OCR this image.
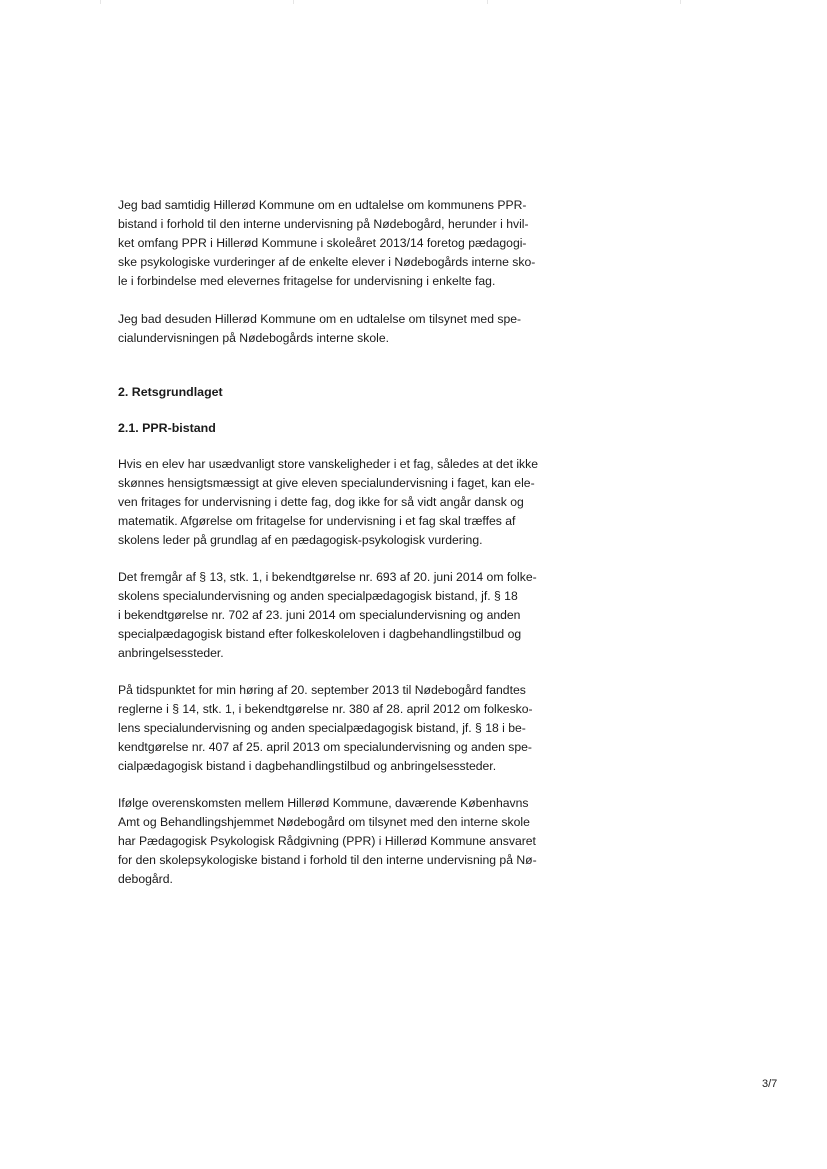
Jeg bad samtidig Hillerød Kommune om en udtalelse om kommunens PPR-
bistand i forhold til den interne undervisning på Nødebogård, herunder i hvil-
ket omfang PPR i Hillerød Kommune i skoleåret 2013/14 foretog pædagogi-
ske psykologiske vurderinger af de enkelte elever i Nødebogårds interne sko-
le i forbindelse med elevernes fritagelse for undervisning i enkelte fag.

Jeg bad desuden Hillerød Kommune om en udtalelse om tilsynet med spe-
cialundervisningen på Nødebogårds interne skole.

2. Retsgrundlaget
2.1. PPR-bistand

Hvis en elev har usædvanligt store vanskeligheder i et fag, således at det ikke
skønnes hensigtsmæssigt at give eleven specialundervisning i faget, kan ele-
ven fritages for undervisning i dette fag, dog ikke for så vidt angår dansk og
matematik. Afgørelse om fritagelse for undervisning i et fag skal træffes af
skolens leder på grundlag af en pædagogisk-psykologisk vurdering.

Det fremgår af § 13, stk. 1, i bekendtgørelse nr. 693 af 20. juni 2014 om folke-
skolens specialundervisning og anden specialpædagogisk bistand, jf. § 18
i bekendtgørelse nr. 702 af 23. juni 2014 om specialundervisning og anden
specialpædagogisk bistand efter folkeskoleloven i dagbehandlingstilbud og
anbringelsessteder.

På tidspunktet for min høring af 20. september 2013 til Nødebogård fandtes
reglerne i § 14, stk. 1, i bekendtgørelse nr. 380 af 28. april 2012 om folkesko-
lens specialundervisning og anden specialpædagogisk bistand, jf. § 18 i be-
kendtgørelse nr. 407 af 25. april 2013 om specialundervisning og anden spe-
cialpædagogisk bistand i dagbehandlingstilbud og anbringelsessteder.

Ifølge overenskomsten mellem Hillerød Kommune, daværende Københavns
Amt og Behandlingshjemmet Nødebogård om tilsynet med den interne skole
har Pædagogisk Psykologisk Rådgivning (PPR) i Hillerød Kommune ansvaret
for den skolepsykologiske bistand i forhold til den interne undervisning på Nø-
debogård.

3/7
